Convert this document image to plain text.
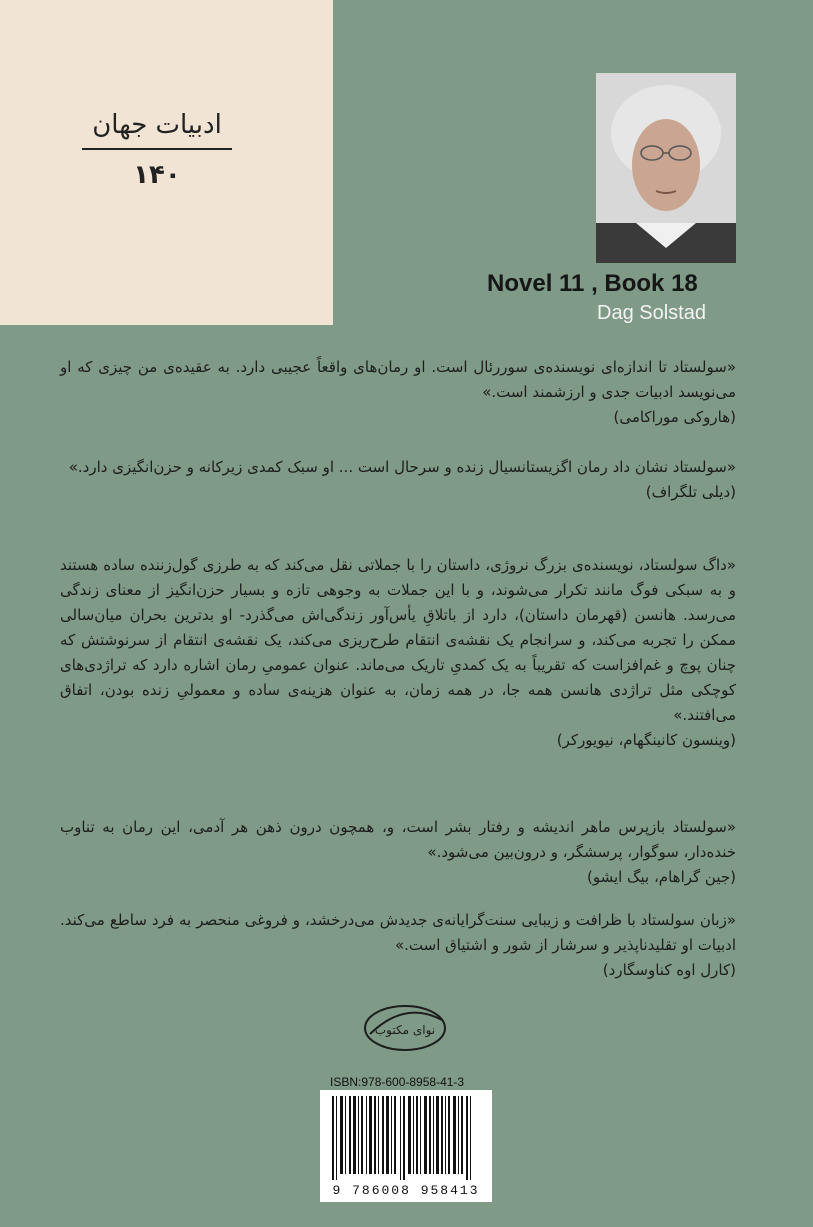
ادبیات جهان
۱۴۰
Novel 11 , Book 18
Dag Solstad

«سولستاد تا اندازه‌ای نویسنده‌ی سوررئال است. او رمان‌های واقعاً عجیبی دارد. به عقیده‌ی من چیزی که او می‌نویسد ادبیات جدی و ارزشمند است.»

(هاروکی موراکامی)

«سولستاد نشان داد رمان اگزیستانسیال زنده و سرحال است ... او سبک کمدی زیرکانه و حزن‌انگیزی دارد.»

(دیلی تلگراف)

«داگ سولستاد، نویسنده‌ی بزرگ نروژی، داستان را با جملاتی نقل می‌کند که به طرزی گول‌زننده ساده هستند و به سبکی فوگ مانند تکرار می‌شوند، و با این جملات به وجوهی تازه و بسیار حزن‌انگیز از معنای زندگی می‌رسد. هانسن (قهرمان داستان)، دارد از باتلاقِ یأس‌آور زندگی‌اش می‌گذرد- او بدترین بحران میان‌سالی ممکن را تجربه می‌کند، و سرانجام یک نقشه‌ی انتقام طرح‌ریزی می‌کند، یک نقشه‌ی انتقام از سرنوشتش که چنان پوچ و غم‌افزاست که تقریباً به یک کمدیِ تاریک می‌ماند. عنوان عمومیِ رمان اشاره دارد که تراژدی‌های کوچکی مثل تراژدی هانسن همه جا، در همه زمان، به عنوان هزینه‌ی ساده و معمولیِ زنده بودن، اتفاق می‌افتند.»

(وینسون کانینگهام، نیویورکر)

«سولستاد بازپرس ماهر اندیشه و رفتار بشر است، و، همچون درون ذهن هر آدمی، این رمان به تناوب خنده‌دار، سوگوار، پرسشگر، و درون‌بین می‌شود.»

(جین گراهام، بیگ ایشو)

«زبان سولستاد با ظرافت و زیبایی سنت‌گرایانه‌ی جدیدش می‌درخشد، و فروغی منحصر به فرد ساطع می‌کند. ادبیات او تقلیدناپذیر و سرشار از شور و اشتیاق است.»

(کارل اوه کناوسگارد)

نوای مکتوب
ISBN:978-600-8958-41-3
9 786008 958413
